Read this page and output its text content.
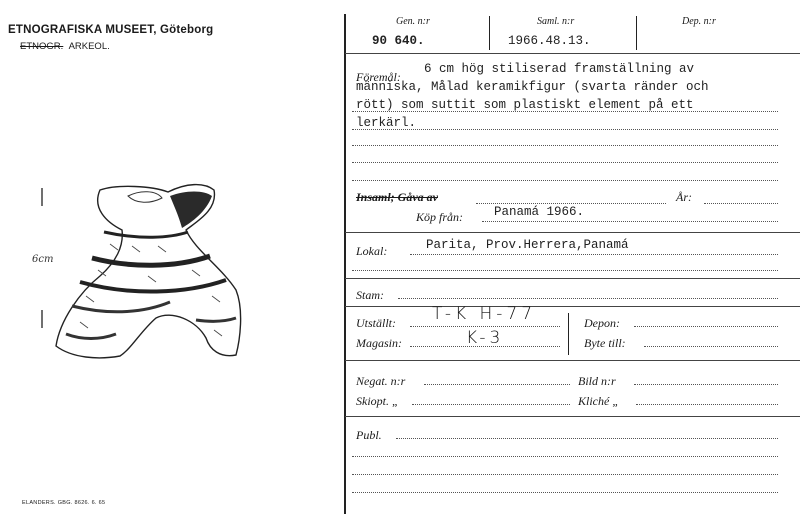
ETNOGRAFISKA MUSEET, Göteborg
ETNOGR. ARKEOL.
6cm
ELANDERS. GBG. 8626. 6. 65
Gen. n:r
90 640.
Saml. n:r
1966.48.13.
Dep. n:r
Föremål:
6 cm hög stiliserad framställning av
människa, Målad keramikfigur (svarta ränder och
rött) som suttit som plastiskt element på ett
lerkärl.
Insaml; Gåva av	År:
Köp från: Panamá 1966.
Lokal:	Parita, Prov.Herrera,Panamá
Stam:
Utställt: T-K H-77
Magasin:	K-3
Depon:
Byte till:
Negat. n:r	Bild n:r
Skiopt. „	Kliché „
Publ.
